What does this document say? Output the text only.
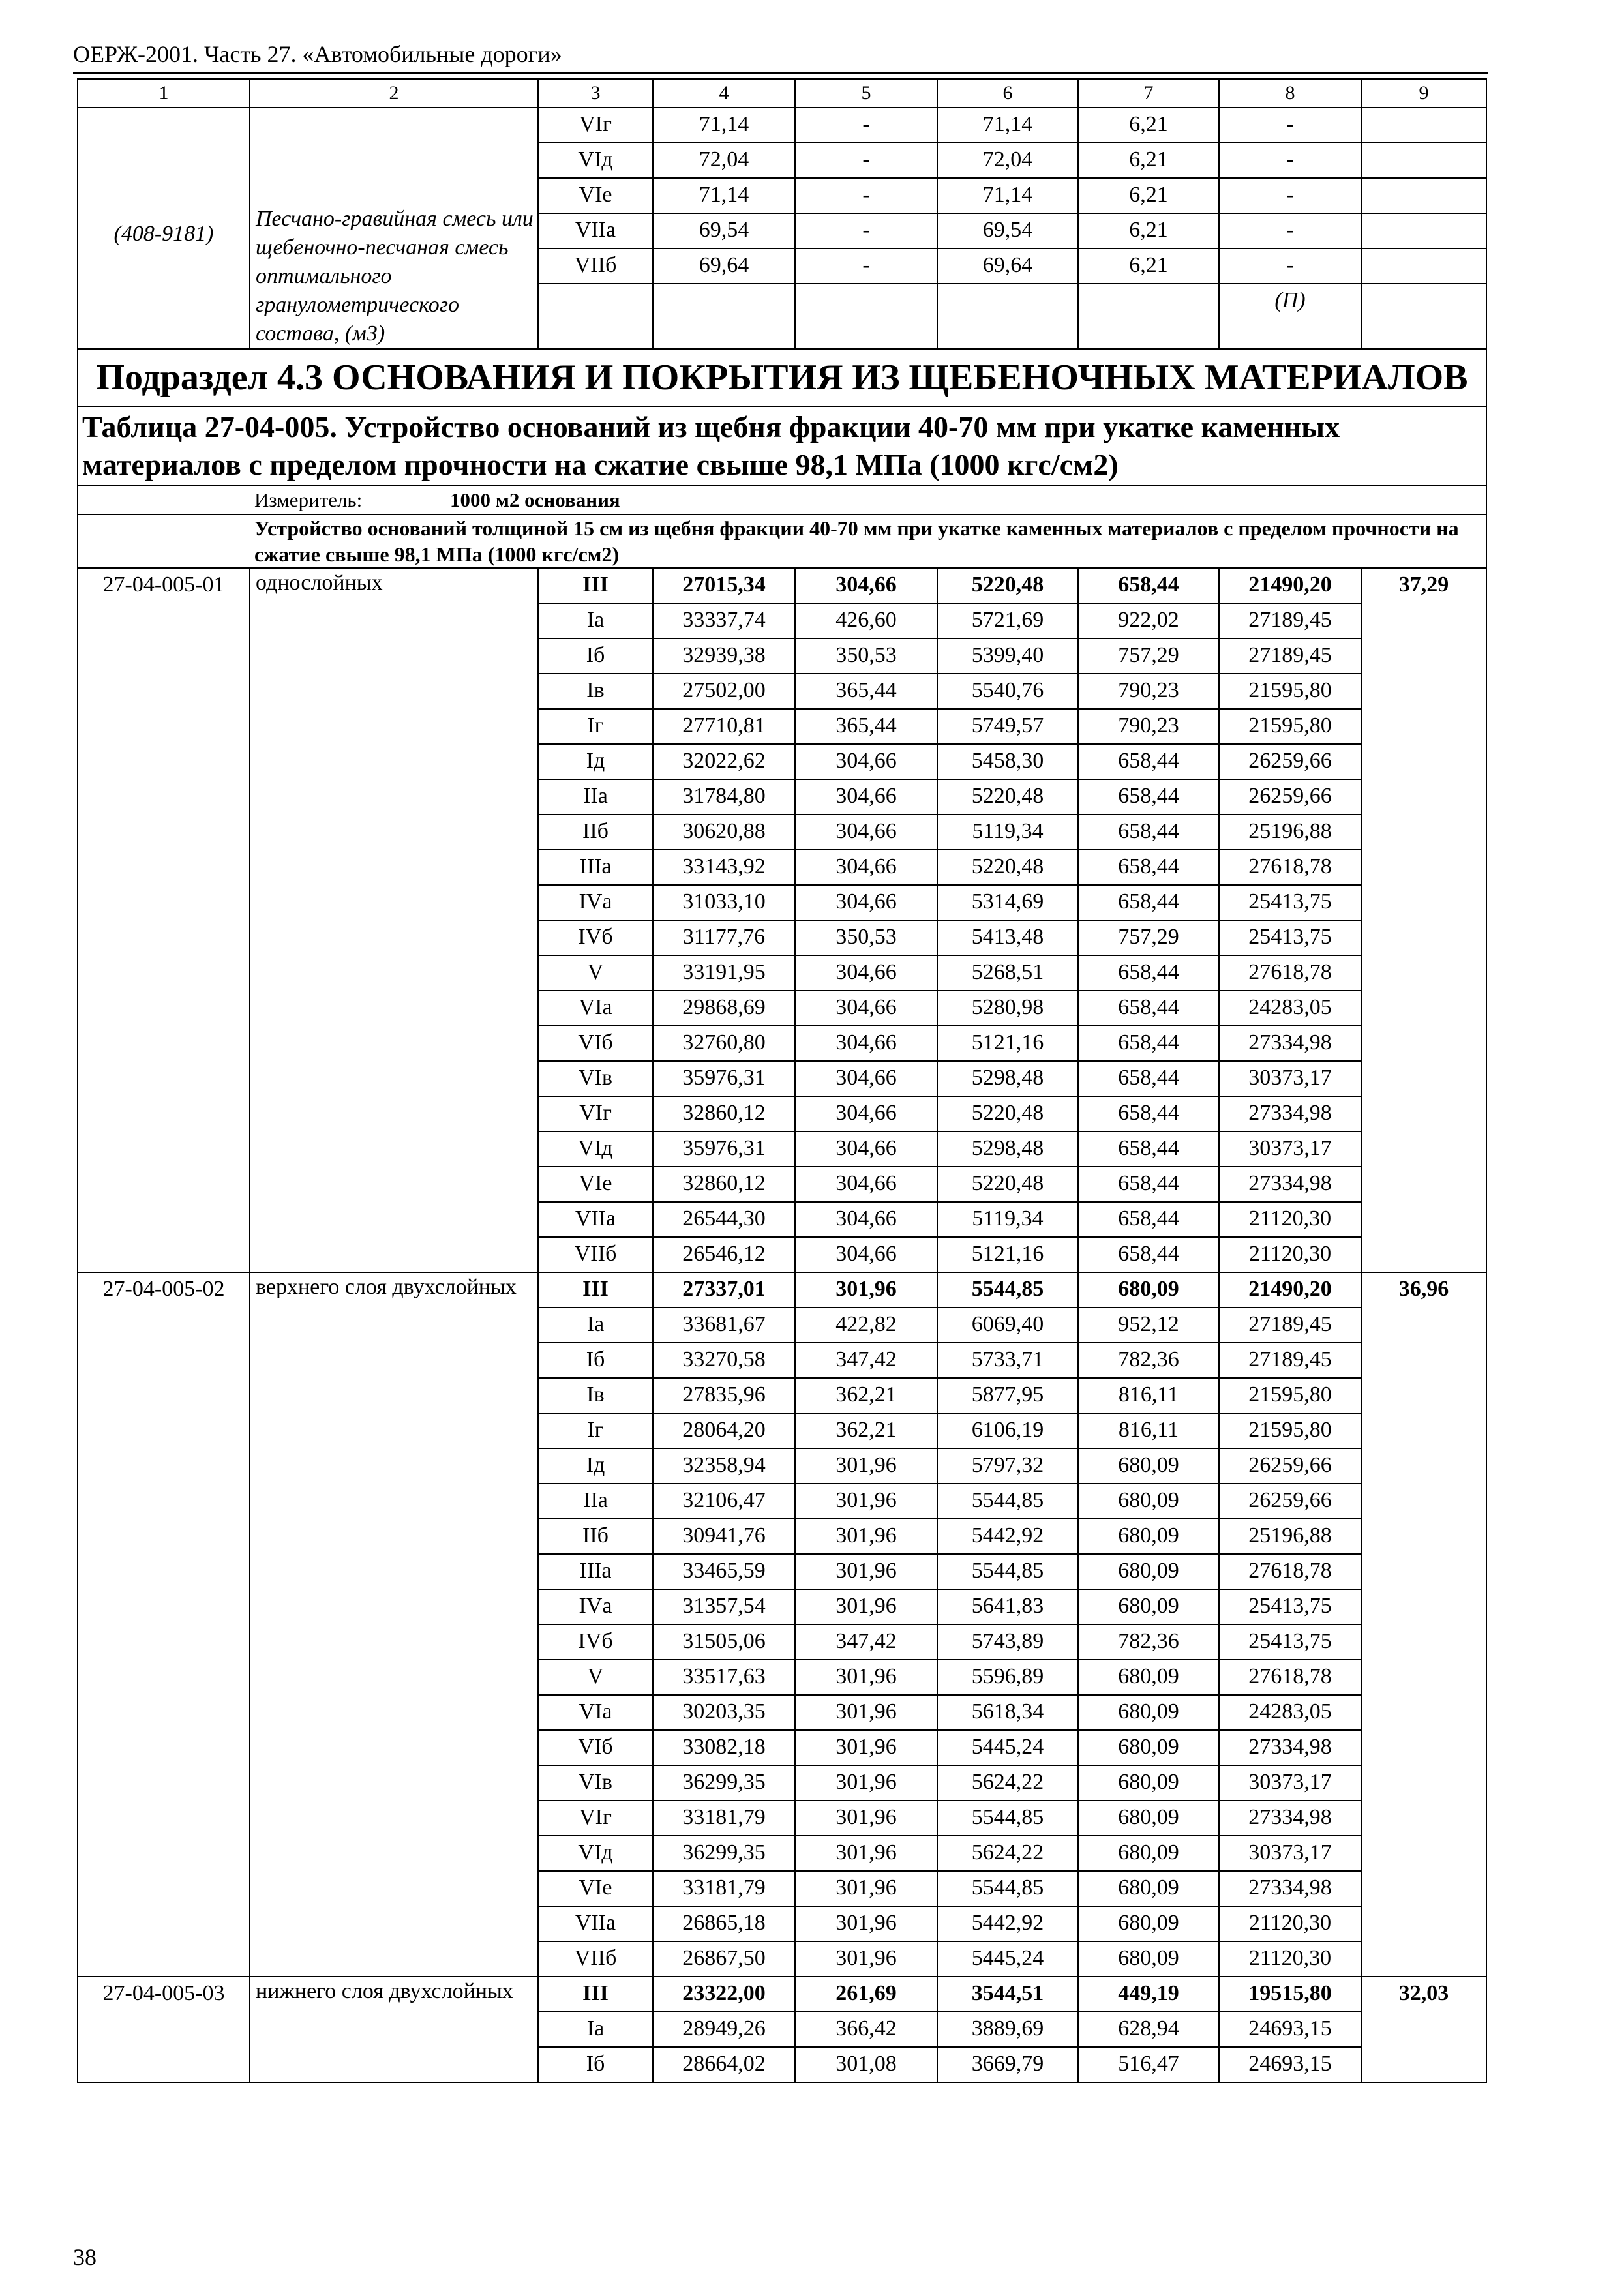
ОЕРЖ-2001. Часть 27. «Автомобильные дороги»
1	2	3	4	5	6	7	8	9
(408-9181)	Песчано-гравийная смесь или щебеночно-песчаная смесь оптимального гранулометрического состава, (м3)	VIг	71,14	-	71,14	6,21	-	
		VIд	72,04	-	72,04	6,21	-	
		VIе	71,14	-	71,14	6,21	-	
		VIIа	69,54	-	69,54	6,21	-	
		VIIб	69,64	-	69,64	6,21	-	
							(П)	
Подраздел 4.3 ОСНОВАНИЯ И ПОКРЫТИЯ ИЗ ЩЕБЕНОЧНЫХ МАТЕРИАЛОВ								
Таблица 27-04-005. Устройство оснований из щебня фракции 40-70 мм при укатке каменных материалов с пределом прочности на сжатие свыше 98,1 МПа (1000 кгс/см2)								
Измеритель: 1000 м2 основания								
Устройство оснований толщиной 15 см из щебня фракции 40-70 мм при укатке каменных материалов с пределом прочности на сжатие свыше 98,1 МПа (1000 кгс/см2)								
27-04-005-01	однослойных	III	27015,34	304,66	5220,48	658,44	21490,20	37,29
		Iа	33337,74	426,60	5721,69	922,02	27189,45	
		Iб	32939,38	350,53	5399,40	757,29	27189,45	
		Iв	27502,00	365,44	5540,76	790,23	21595,80	
		Iг	27710,81	365,44	5749,57	790,23	21595,80	
		Iд	32022,62	304,66	5458,30	658,44	26259,66	
		IIа	31784,80	304,66	5220,48	658,44	26259,66	
		IIб	30620,88	304,66	5119,34	658,44	25196,88	
		IIIа	33143,92	304,66	5220,48	658,44	27618,78	
		IVа	31033,10	304,66	5314,69	658,44	25413,75	
		IVб	31177,76	350,53	5413,48	757,29	25413,75	
		V	33191,95	304,66	5268,51	658,44	27618,78	
		VIа	29868,69	304,66	5280,98	658,44	24283,05	
		VIб	32760,80	304,66	5121,16	658,44	27334,98	
		VIв	35976,31	304,66	5298,48	658,44	30373,17	
		VIг	32860,12	304,66	5220,48	658,44	27334,98	
		VIд	35976,31	304,66	5298,48	658,44	30373,17	
		VIе	32860,12	304,66	5220,48	658,44	27334,98	
		VIIа	26544,30	304,66	5119,34	658,44	21120,30	
		VIIб	26546,12	304,66	5121,16	658,44	21120,30	
27-04-005-02	верхнего слоя двухслойных	III	27337,01	301,96	5544,85	680,09	21490,20	36,96
		Iа	33681,67	422,82	6069,40	952,12	27189,45	
		Iб	33270,58	347,42	5733,71	782,36	27189,45	
		Iв	27835,96	362,21	5877,95	816,11	21595,80	
		Iг	28064,20	362,21	6106,19	816,11	21595,80	
		Iд	32358,94	301,96	5797,32	680,09	26259,66	
		IIа	32106,47	301,96	5544,85	680,09	26259,66	
		IIб	30941,76	301,96	5442,92	680,09	25196,88	
		IIIа	33465,59	301,96	5544,85	680,09	27618,78	
		IVа	31357,54	301,96	5641,83	680,09	25413,75	
		IVб	31505,06	347,42	5743,89	782,36	25413,75	
		V	33517,63	301,96	5596,89	680,09	27618,78	
		VIа	30203,35	301,96	5618,34	680,09	24283,05	
		VIб	33082,18	301,96	5445,24	680,09	27334,98	
		VIв	36299,35	301,96	5624,22	680,09	30373,17	
		VIг	33181,79	301,96	5544,85	680,09	27334,98	
		VIд	36299,35	301,96	5624,22	680,09	30373,17	
		VIе	33181,79	301,96	5544,85	680,09	27334,98	
		VIIа	26865,18	301,96	5442,92	680,09	21120,30	
		VIIб	26867,50	301,96	5445,24	680,09	21120,30	
27-04-005-03	нижнего слоя двухслойных	III	23322,00	261,69	3544,51	449,19	19515,80	32,03
		Iа	28949,26	366,42	3889,69	628,94	24693,15	
		Iб	28664,02	301,08	3669,79	516,47	24693,15	
38
